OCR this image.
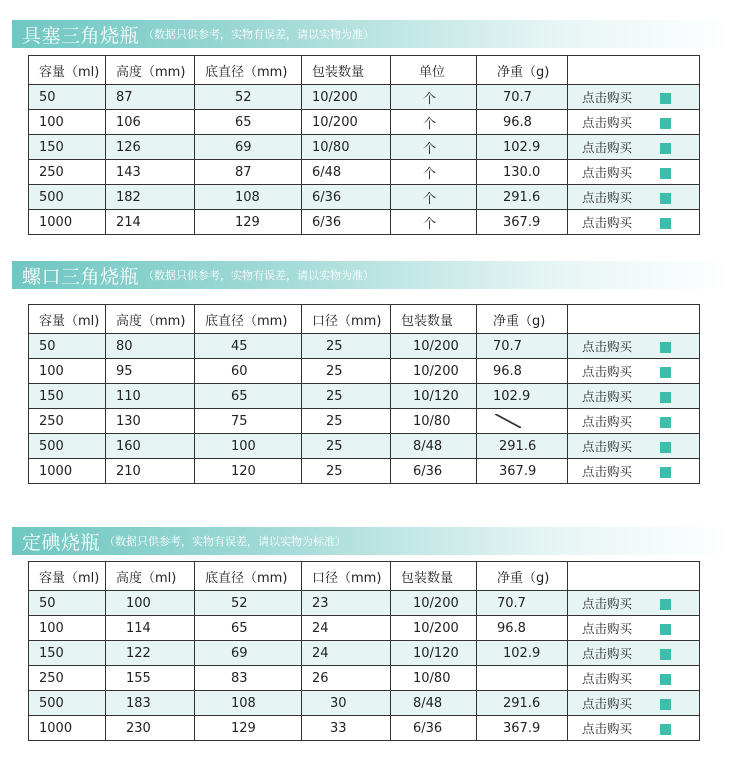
具塞三角烧瓶 （数据只供参考，实物有误差，请以实物为准）
容量（ml)	高度（mm)	底直径（mm)	包装数量	单位	净重（g)	
50	87	52	10/200	个	70.7	点击购买
100	106	65	10/200	个	96.8	点击购买
150	126	69	10/80	个	102.9	点击购买
250	143	87	6/48	个	130.0	点击购买
500	182	108	6/36	个	291.6	点击购买
1000	214	129	6/36	个	367.9	点击购买
螺口三角烧瓶 （数据只供参考，实物有误差，请以实物为准）
容量（ml)	高度（mm)	底直径（mm)	口径（mm)	包装数量	净重（g)	
50	80	45	25	10/200	70.7	点击购买
100	95	60	25	10/200	96.8	点击购买
150	110	65	25	10/120	102.9	点击购买
250	130	75	25	10/80		点击购买
500	160	100	25	8/48	291.6	点击购买
1000	210	120	25	6/36	367.9	点击购买
定碘烧瓶 （数据只供参考，实物有误差，请以实物为标准）
容量（ml)	高度（ml)	底直径（mm)	口径（mm)	包装数量	净重（g)	
50	100	52	23	10/200	70.7	点击购买
100	114	65	24	10/200	96.8	点击购买
150	122	69	24	10/120	102.9	点击购买
250	155	83	26	10/80		点击购买
500	183	108	30	8/48	291.6	点击购买
1000	230	129	33	6/36	367.9	点击购买
